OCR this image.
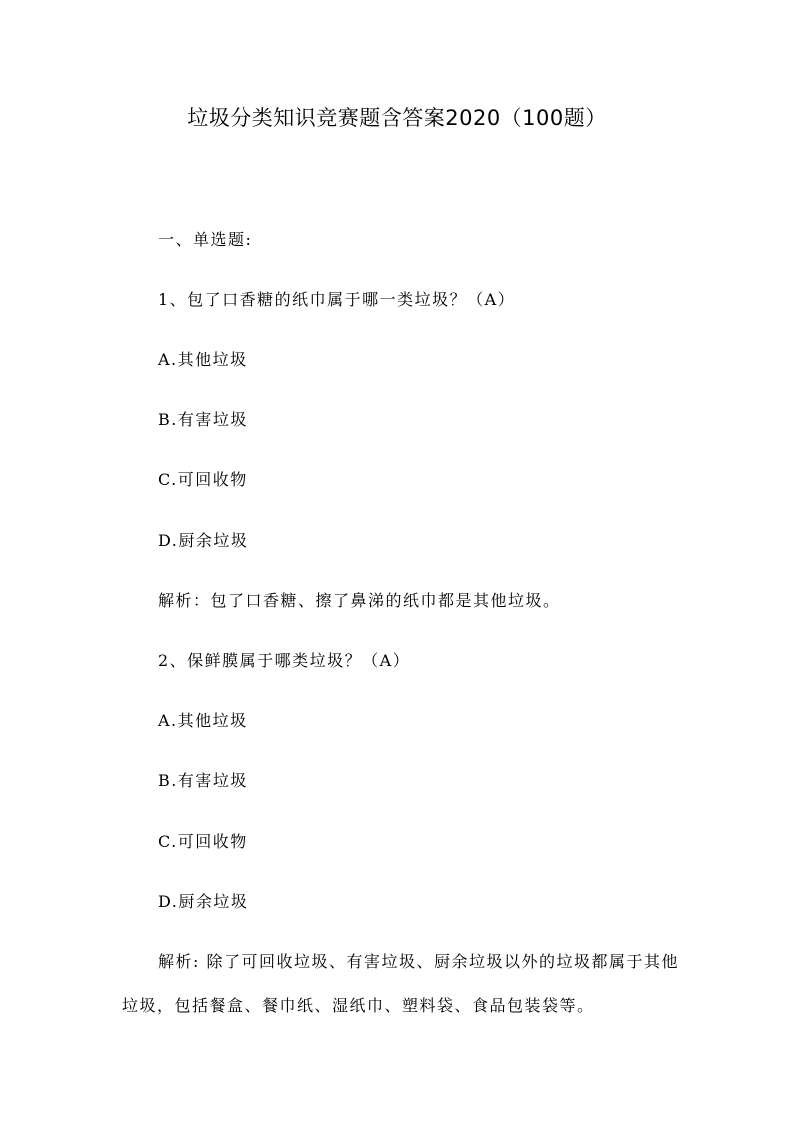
垃圾分类知识竞赛题含答案2020（100题）
一、单选题:
1、包了口香糖的纸巾属于哪一类垃圾？（A）
A.其他垃圾
B.有害垃圾
C.可回收物
D.厨余垃圾
解析：包了口香糖、擦了鼻涕的纸巾都是其他垃圾。
2、保鲜膜属于哪类垃圾？（A）
A.其他垃圾
B.有害垃圾
C.可回收物
D.厨余垃圾
解析: 除了可回收垃圾、有害垃圾、厨余垃圾以外的垃圾都属于其他垃圾，包括餐盒、餐巾纸、湿纸巾、塑料袋、食品包装袋等。
